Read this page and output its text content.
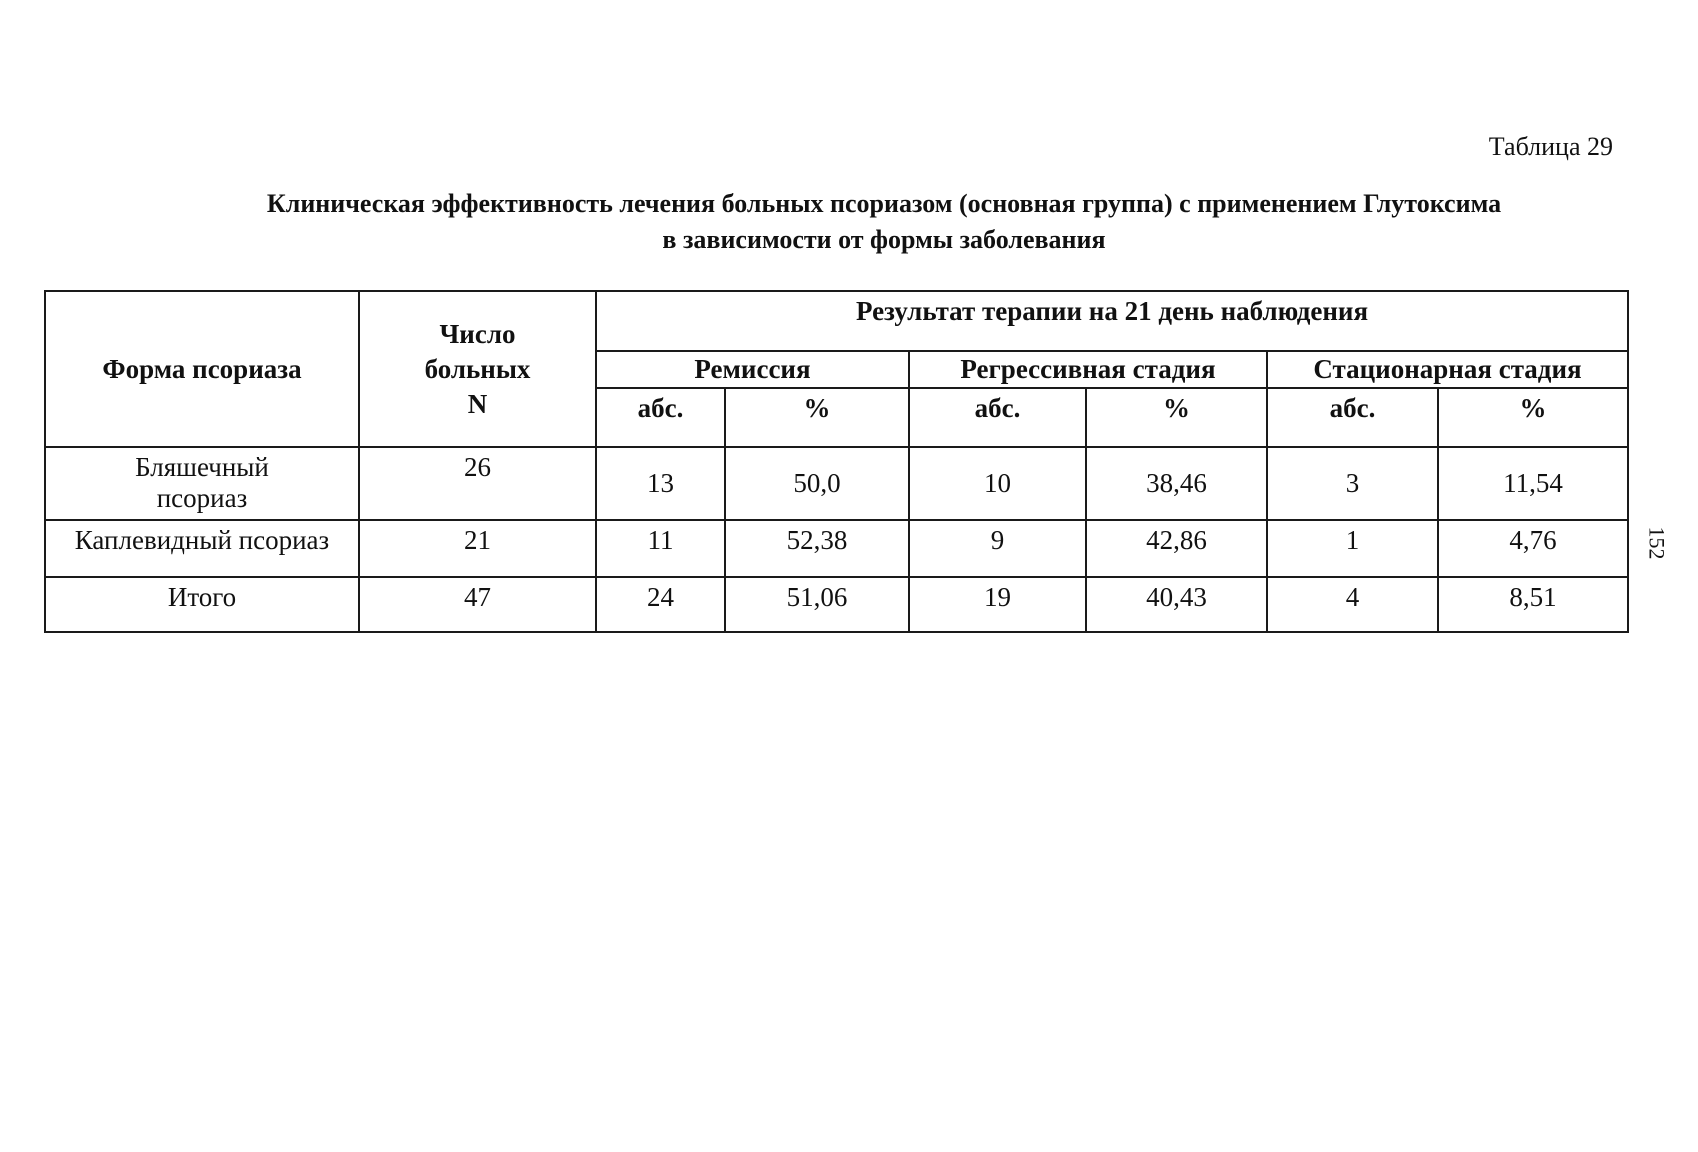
Таблица 29
Клиническая эффективность лечения больных псориазом (основная группа) с применением Глутоксима
в зависимости от формы заболевания
Форма псориаза	Число
больных
N	Результат терапии на 21 день наблюдения					
		Ремиссия		Регрессивная стадия		Стационарная стадия	
		абс.	%	абс.	%	абс.	%

Бляшечный
псориаз	26	13	50,0	10	38,46	3	11,54
Каплевидный псориаз	21	11	52,38	9	42,86	1	4,76
Итого	47	24	51,06	19	40,43	4	8,51
152
